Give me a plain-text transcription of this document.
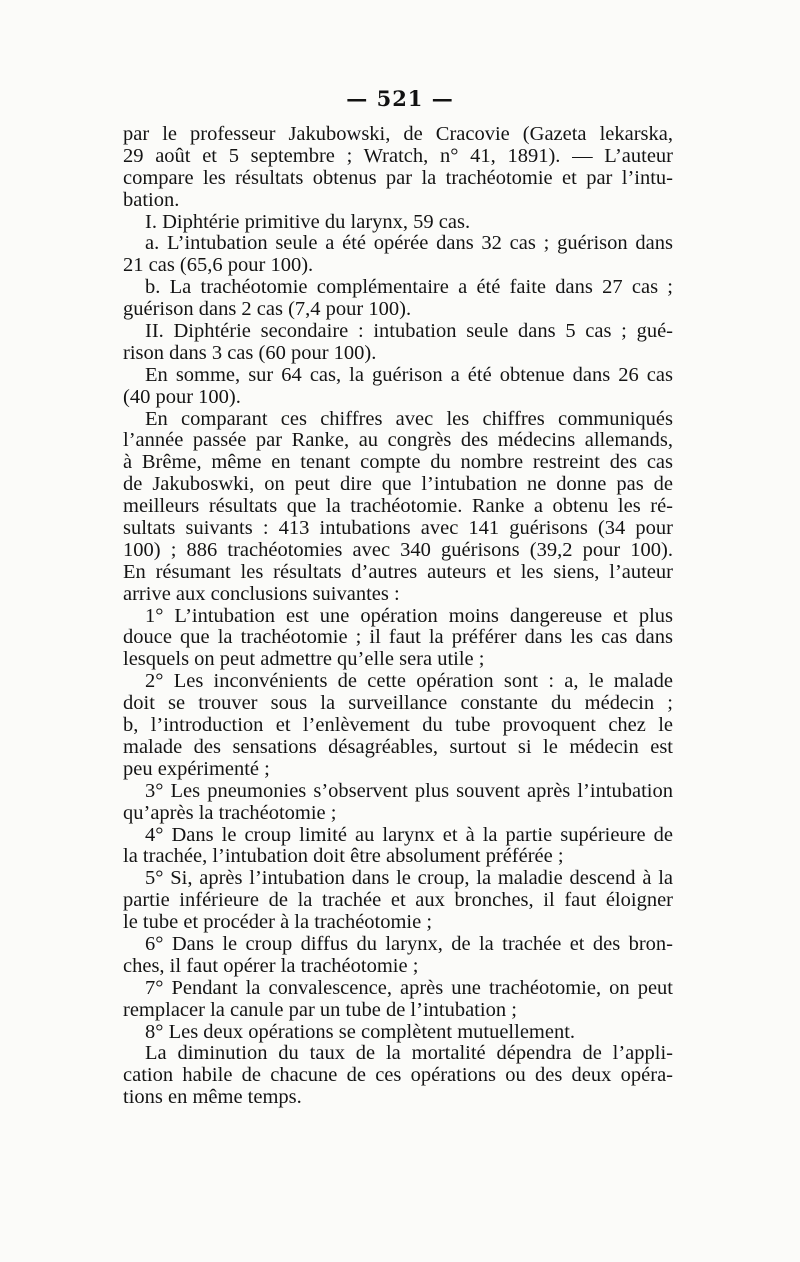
— 521 —
par le professeur Jakubowski, de Cracovie (Gazeta lekarska,
29 août et 5 septembre ; Wratch, n° 41, 1891). — L’auteur
compare les résultats obtenus par la trachéotomie et par l’intu-
bation.
I. Diphtérie primitive du larynx, 59 cas.
a. L’intubation seule a été opérée dans 32 cas ; guérison dans
21 cas (65,6 pour 100).
b. La trachéotomie complémentaire a été faite dans 27 cas ;
guérison dans 2 cas (7,4 pour 100).
II. Diphtérie secondaire : intubation seule dans 5 cas ; gué-
rison dans 3 cas (60 pour 100).
En somme, sur 64 cas, la guérison a été obtenue dans 26 cas
(40 pour 100).
En comparant ces chiffres avec les chiffres communiqués
l’année passée par Ranke, au congrès des médecins allemands,
à Brême, même en tenant compte du nombre restreint des cas
de Jakuboswki, on peut dire que l’intubation ne donne pas de
meilleurs résultats que la trachéotomie. Ranke a obtenu les ré-
sultats suivants : 413 intubations avec 141 guérisons (34 pour
100) ; 886 trachéotomies avec 340 guérisons (39,2 pour 100).
En résumant les résultats d’autres auteurs et les siens, l’auteur
arrive aux conclusions suivantes :
1° L’intubation est une opération moins dangereuse et plus
douce que la trachéotomie ; il faut la préférer dans les cas dans
lesquels on peut admettre qu’elle sera utile ;
2° Les inconvénients de cette opération sont : a, le malade
doit se trouver sous la surveillance constante du médecin ;
b, l’introduction et l’enlèvement du tube provoquent chez le
malade des sensations désagréables, surtout si le médecin est
peu expérimenté ;
3° Les pneumonies s’observent plus souvent après l’intubation
qu’après la trachéotomie ;
4° Dans le croup limité au larynx et à la partie supérieure de
la trachée, l’intubation doit être absolument préférée ;
5° Si, après l’intubation dans le croup, la maladie descend à la
partie inférieure de la trachée et aux bronches, il faut éloigner
le tube et procéder à la trachéotomie ;
6° Dans le croup diffus du larynx, de la trachée et des bron-
ches, il faut opérer la trachéotomie ;
7° Pendant la convalescence, après une trachéotomie, on peut
remplacer la canule par un tube de l’intubation ;
8° Les deux opérations se complètent mutuellement.
La diminution du taux de la mortalité dépendra de l’appli-
cation habile de chacune de ces opérations ou des deux opéra-
tions en même temps.
